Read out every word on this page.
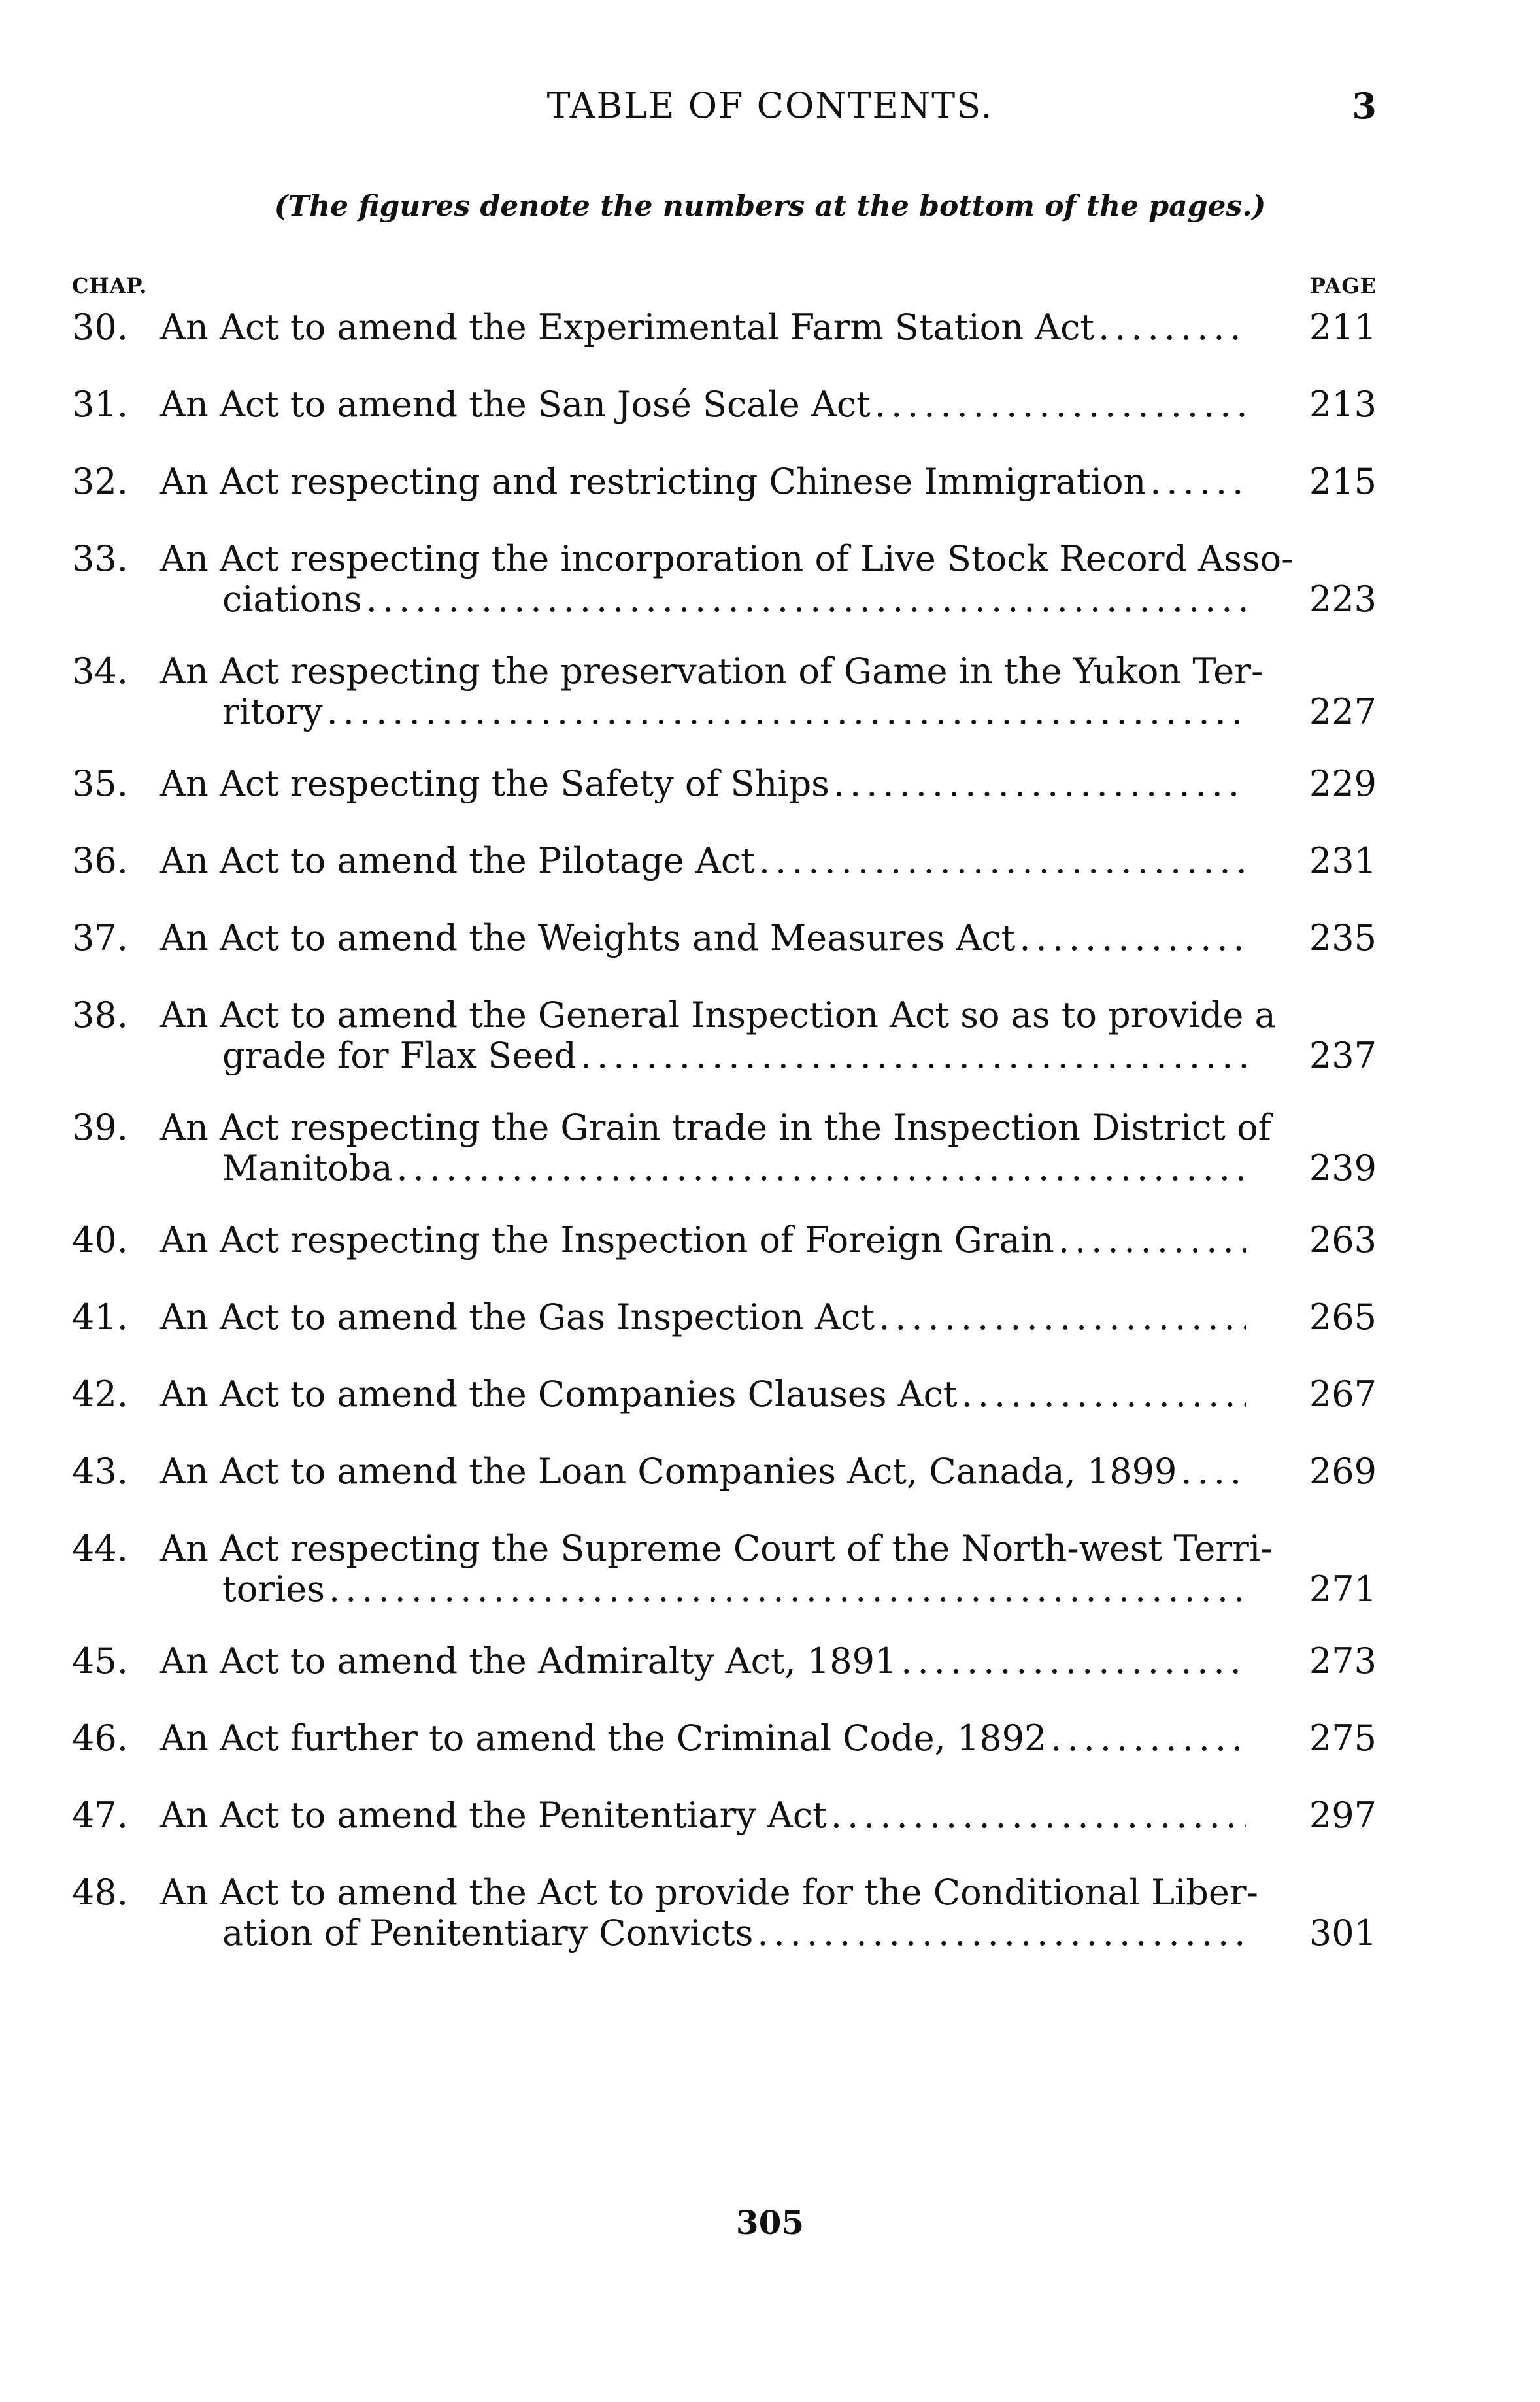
TABLE OF CONTENTS.	3
(The figures denote the numbers at the bottom of the pages.)
CHAP.	PAGE
30. An Act to amend the Experimental Farm Station Act .....	211
31. An Act to amend the San José Scale Act .....	213
32. An Act respecting and restricting Chinese Immigration .....	215
33. An Act respecting the incorporation of Live Stock Record Asso-
ciations .....	223
34. An Act respecting the preservation of Game in the Yukon Ter-
ritory .....	227
35. An Act respecting the Safety of Ships .....	229
36. An Act to amend the Pilotage Act .....	231
37. An Act to amend the Weights and Measures Act .....	235
38. An Act to amend the General Inspection Act so as to provide a
grade for Flax Seed .....	237
39. An Act respecting the Grain trade in the Inspection District of
Manitoba .....	239
40. An Act respecting the Inspection of Foreign Grain .....	263
41. An Act to amend the Gas Inspection Act .....	265
42. An Act to amend the Companies Clauses Act .....	267
43. An Act to amend the Loan Companies Act, Canada, 1899 .....	269
44. An Act respecting the Supreme Court of the North-west Terri-
tories .....	271
45. An Act to amend the Admiralty Act, 1891 .....	273
46. An Act further to amend the Criminal Code, 1892 .....	275
47. An Act to amend the Penitentiary Act .....	297
48. An Act to amend the Act to provide for the Conditional Liber-
ation of Penitentiary Convicts .....	301
305
